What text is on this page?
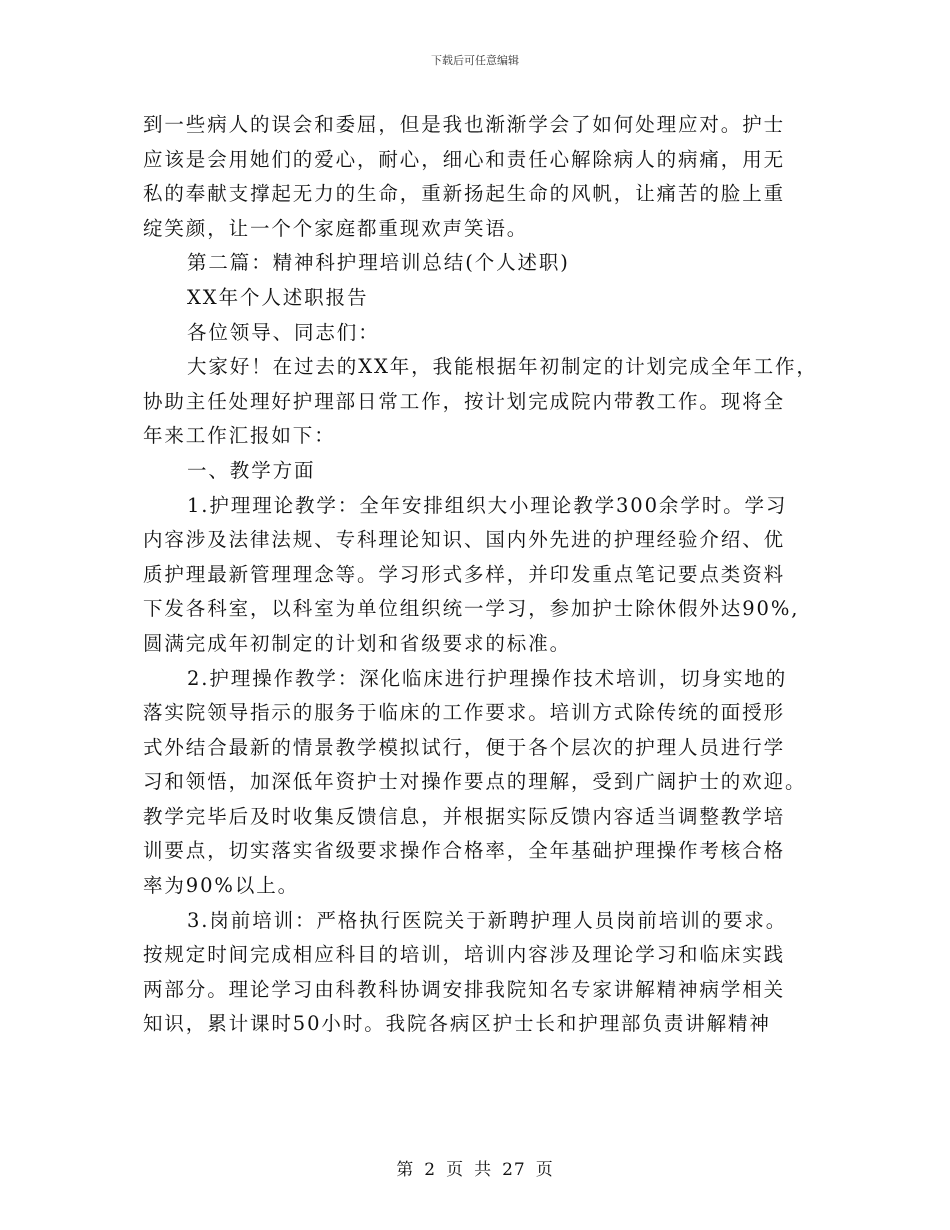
下载后可任意编辑
到一些病人的误会和委屈，但是我也渐渐学会了如何处理应对。护士
应该是会用她们的爱心，耐心，细心和责任心解除病人的病痛，用无
私的奉献支撑起无力的生命，重新扬起生命的风帆，让痛苦的脸上重
绽笑颜，让一个个家庭都重现欢声笑语。
第二篇：精神科护理培训总结(个人述职)
XX年个人述职报告
各位领导、同志们：
大家好！在过去的XX年，我能根据年初制定的计划完成全年工作，
协助主任处理好护理部日常工作，按计划完成院内带教工作。现将全
年来工作汇报如下：
一、教学方面
1.护理理论教学：全年安排组织大小理论教学300余学时。学习
内容涉及法律法规、专科理论知识、国内外先进的护理经验介绍、优
质护理最新管理理念等。学习形式多样，并印发重点笔记要点类资料
下发各科室，以科室为单位组织统一学习，参加护士除休假外达90%,
圆满完成年初制定的计划和省级要求的标准。
2.护理操作教学：深化临床进行护理操作技术培训，切身实地的
落实院领导指示的服务于临床的工作要求。培训方式除传统的面授形
式外结合最新的情景教学模拟试行，便于各个层次的护理人员进行学
习和领悟，加深低年资护士对操作要点的理解，受到广阔护士的欢迎。
教学完毕后及时收集反馈信息，并根据实际反馈内容适当调整教学培
训要点，切实落实省级要求操作合格率，全年基础护理操作考核合格
率为90%以上。
3.岗前培训：严格执行医院关于新聘护理人员岗前培训的要求。
按规定时间完成相应科目的培训，培训内容涉及理论学习和临床实践
两部分。理论学习由科教科协调安排我院知名专家讲解精神病学相关
知识，累计课时50小时。我院各病区护士长和护理部负责讲解精神
第 2 页 共 27 页
